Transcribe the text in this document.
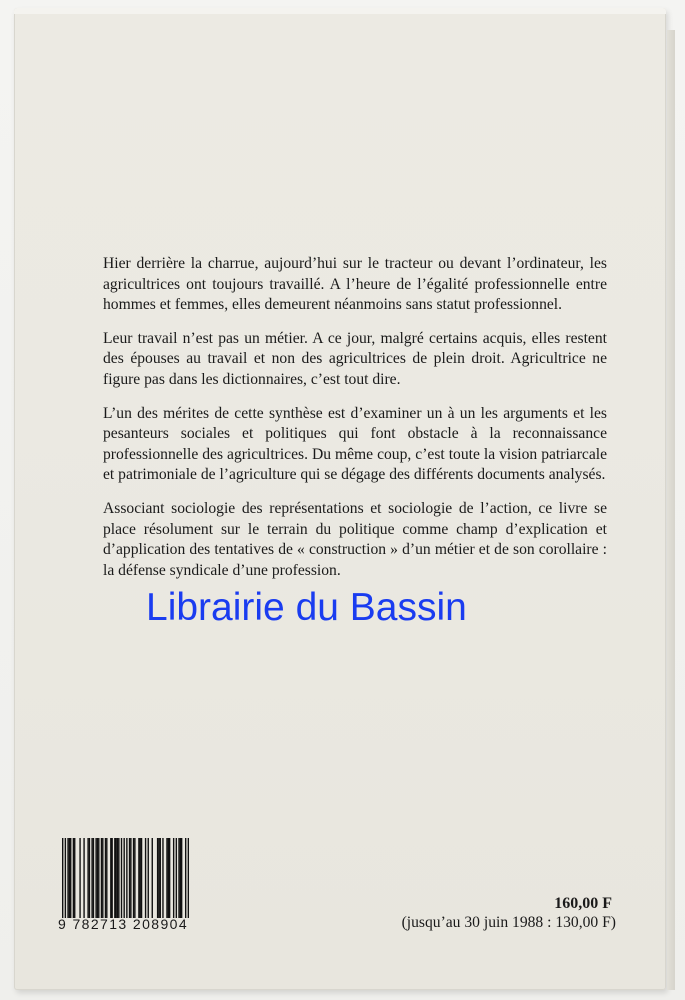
Hier derrière la charrue, aujourd’hui sur le tracteur ou devant l’ordinateur, les agricultrices ont toujours travaillé. A l’heure de l’égalité professionnelle entre hommes et femmes, elles demeurent néanmoins sans statut professionnel.

Leur travail n’est pas un métier. A ce jour, malgré certains acquis, elles restent des épouses au travail et non des agricultrices de plein droit. Agricultrice ne figure pas dans les dictionnaires, c’est tout dire.

L’un des mérites de cette synthèse est d’examiner un à un les arguments et les pesanteurs sociales et politiques qui font obstacle à la reconnaissance professionnelle des agricultrices. Du même coup, c’est toute la vision patriarcale et patrimoniale de l’agriculture qui se dégage des différents documents analysés.

Associant sociologie des représentations et sociologie de l’action, ce livre se place résolument sur le terrain du politique comme champ d’explication et d’application des tentatives de « construction » d’un métier et de son corollaire : la défense syndicale d’une profession.

Librairie du Bassin
9 782713 208904
160,00 F
(jusqu’au 30 juin 1988 : 130,00 F)
